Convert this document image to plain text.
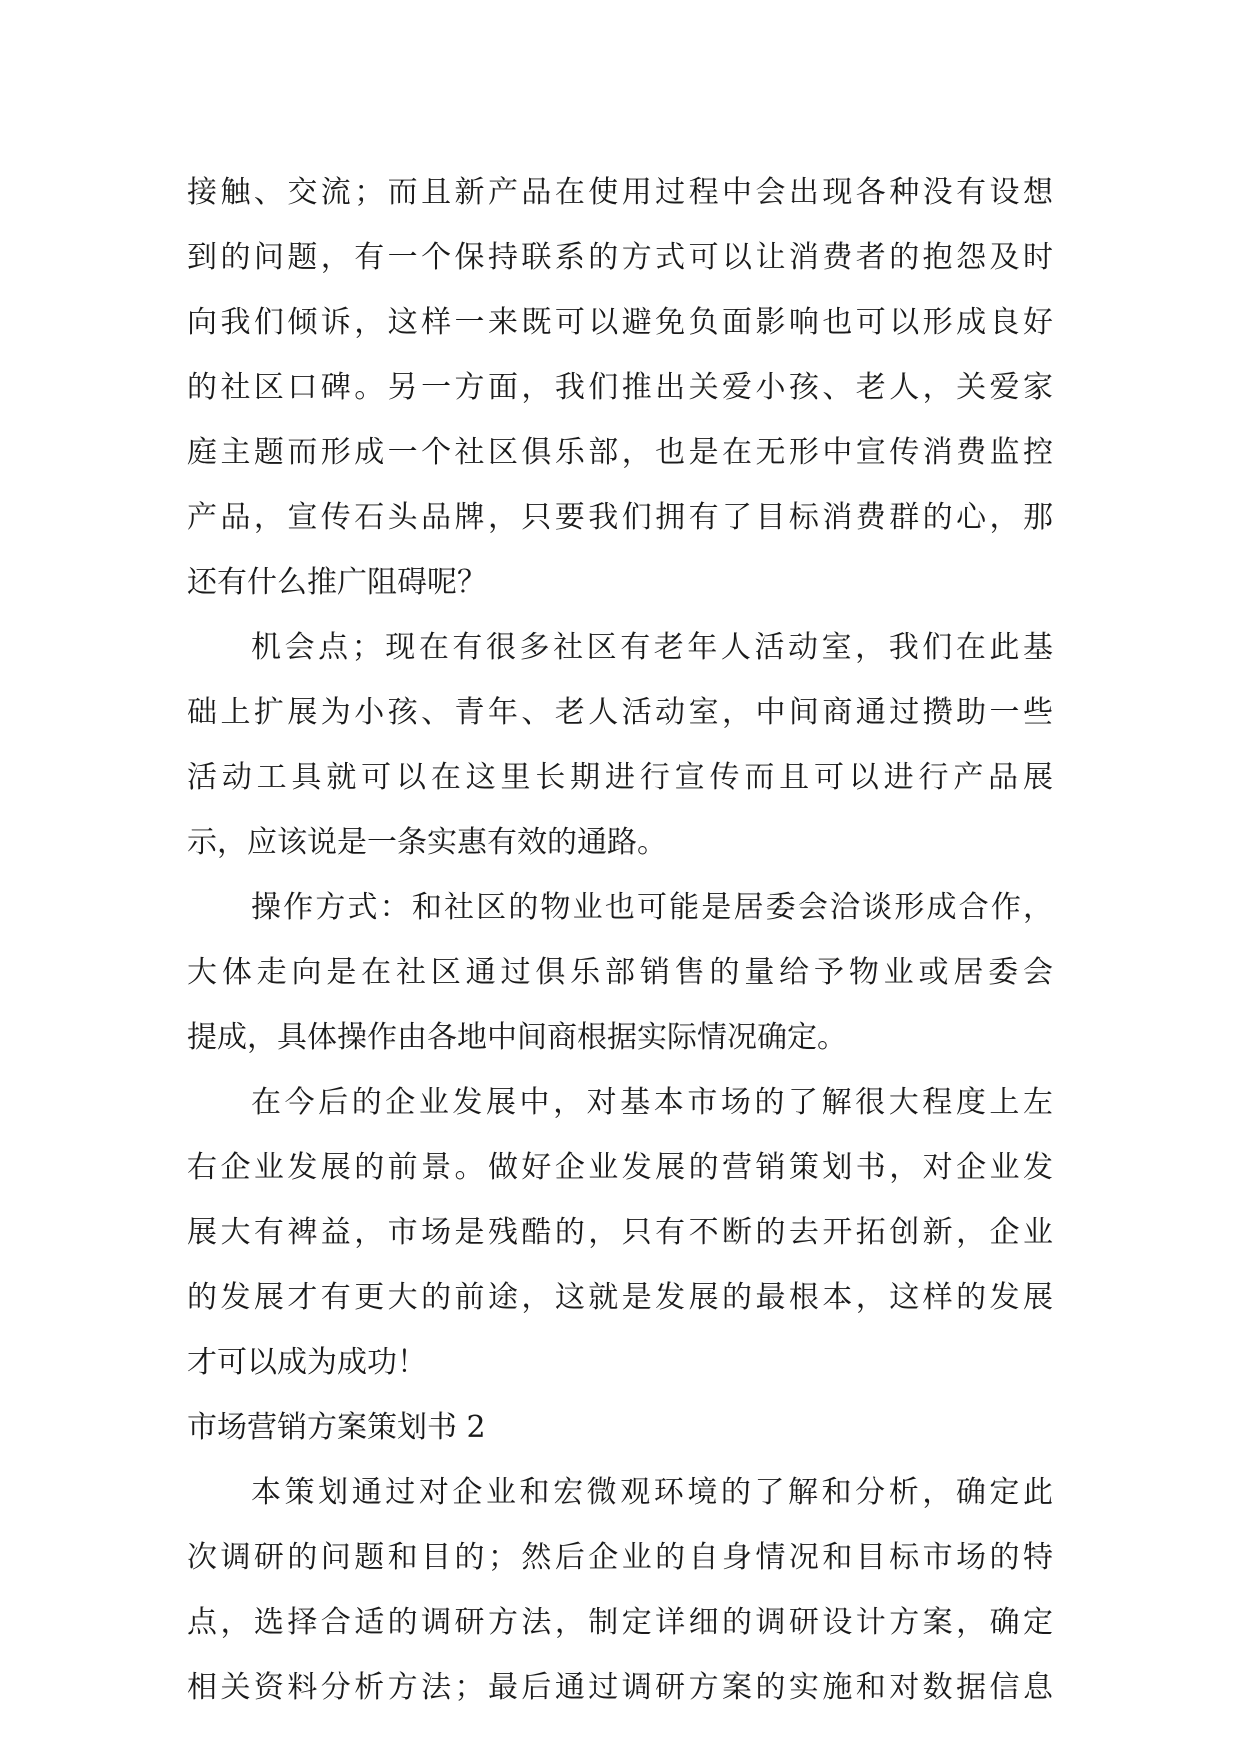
接触、交流；而且新产品在使用过程中会出现各种没有设想
到的问题，有一个保持联系的方式可以让消费者的抱怨及时
向我们倾诉，这样一来既可以避免负面影响也可以形成良好
的社区口碑。另一方面，我们推出关爱小孩、老人，关爱家
庭主题而形成一个社区俱乐部，也是在无形中宣传消费监控
产品，宣传石头品牌，只要我们拥有了目标消费群的心，那
还有什么推广阻碍呢？
机会点；现在有很多社区有老年人活动室，我们在此基
础上扩展为小孩、青年、老人活动室，中间商通过攒助一些
活动工具就可以在这里长期进行宣传而且可以进行产品展
示，应该说是一条实惠有效的通路。
操作方式：和社区的物业也可能是居委会洽谈形成合作，
大体走向是在社区通过俱乐部销售的量给予物业或居委会
提成，具体操作由各地中间商根据实际情况确定。
在今后的企业发展中，对基本市场的了解很大程度上左
右企业发展的前景。做好企业发展的营销策划书，对企业发
展大有裨益，市场是残酷的，只有不断的去开拓创新，企业
的发展才有更大的前途，这就是发展的最根本，这样的发展
才可以成为成功！
市场营销方案策划书 2
本策划通过对企业和宏微观环境的了解和分析，确定此
次调研的问题和目的；然后企业的自身情况和目标市场的特
点，选择合适的调研方法，制定详细的调研设计方案，确定
相关资料分析方法；最后通过调研方案的实施和对数据信息
